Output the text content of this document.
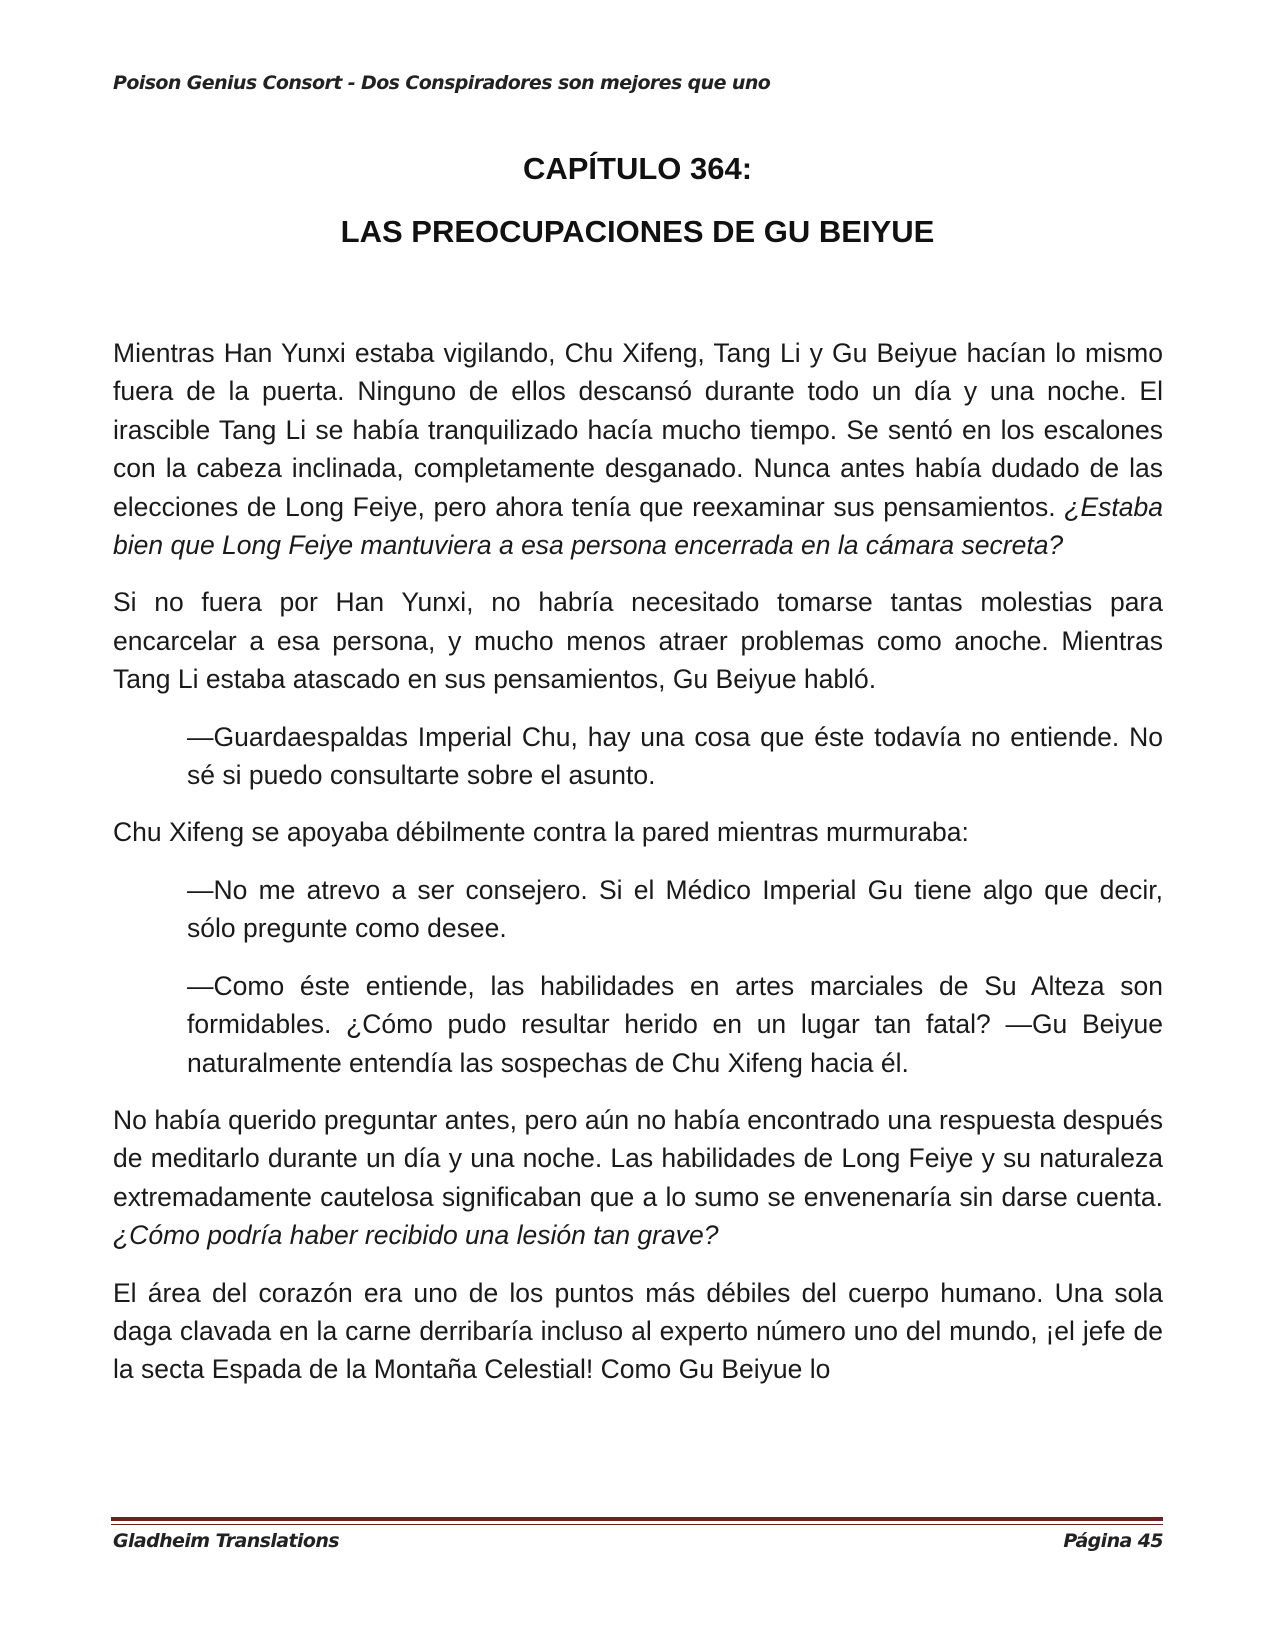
Poison Genius Consort - Dos Conspiradores son mejores que uno
CAPÍTULO 364:
LAS PREOCUPACIONES DE GU BEIYUE

Mientras Han Yunxi estaba vigilando, Chu Xifeng, Tang Li y Gu Beiyue hacían lo mismo fuera de la puerta. Ninguno de ellos descansó durante todo un día y una noche. El irascible Tang Li se había tranquilizado hacía mucho tiempo. Se sentó en los escalones con la cabeza inclinada, completamente desganado. Nunca antes había dudado de las elecciones de Long Feiye, pero ahora tenía que reexaminar sus pensamientos. ¿Estaba bien que Long Feiye mantuviera a esa persona encerrada en la cámara secreta?

Si no fuera por Han Yunxi, no habría necesitado tomarse tantas molestias para encarcelar a esa persona, y mucho menos atraer problemas como anoche. Mientras Tang Li estaba atascado en sus pensamientos, Gu Beiyue habló.

—Guardaespaldas Imperial Chu, hay una cosa que éste todavía no entiende. No sé si puedo consultarte sobre el asunto.

Chu Xifeng se apoyaba débilmente contra la pared mientras murmuraba:

—No me atrevo a ser consejero. Si el Médico Imperial Gu tiene algo que decir, sólo pregunte como desee.

—Como éste entiende, las habilidades en artes marciales de Su Alteza son formidables. ¿Cómo pudo resultar herido en un lugar tan fatal? —Gu Beiyue naturalmente entendía las sospechas de Chu Xifeng hacia él.

No había querido preguntar antes, pero aún no había encontrado una respuesta después de meditarlo durante un día y una noche. Las habilidades de Long Feiye y su naturaleza extremadamente cautelosa significaban que a lo sumo se envenenaría sin darse cuenta. ¿Cómo podría haber recibido una lesión tan grave?

El área del corazón era uno de los puntos más débiles del cuerpo humano. Una sola daga clavada en la carne derribaría incluso al experto número uno del mundo, ¡el jefe de la secta Espada de la Montaña Celestial! Como Gu Beiyue lo

Gladheim Translations	Página 45
